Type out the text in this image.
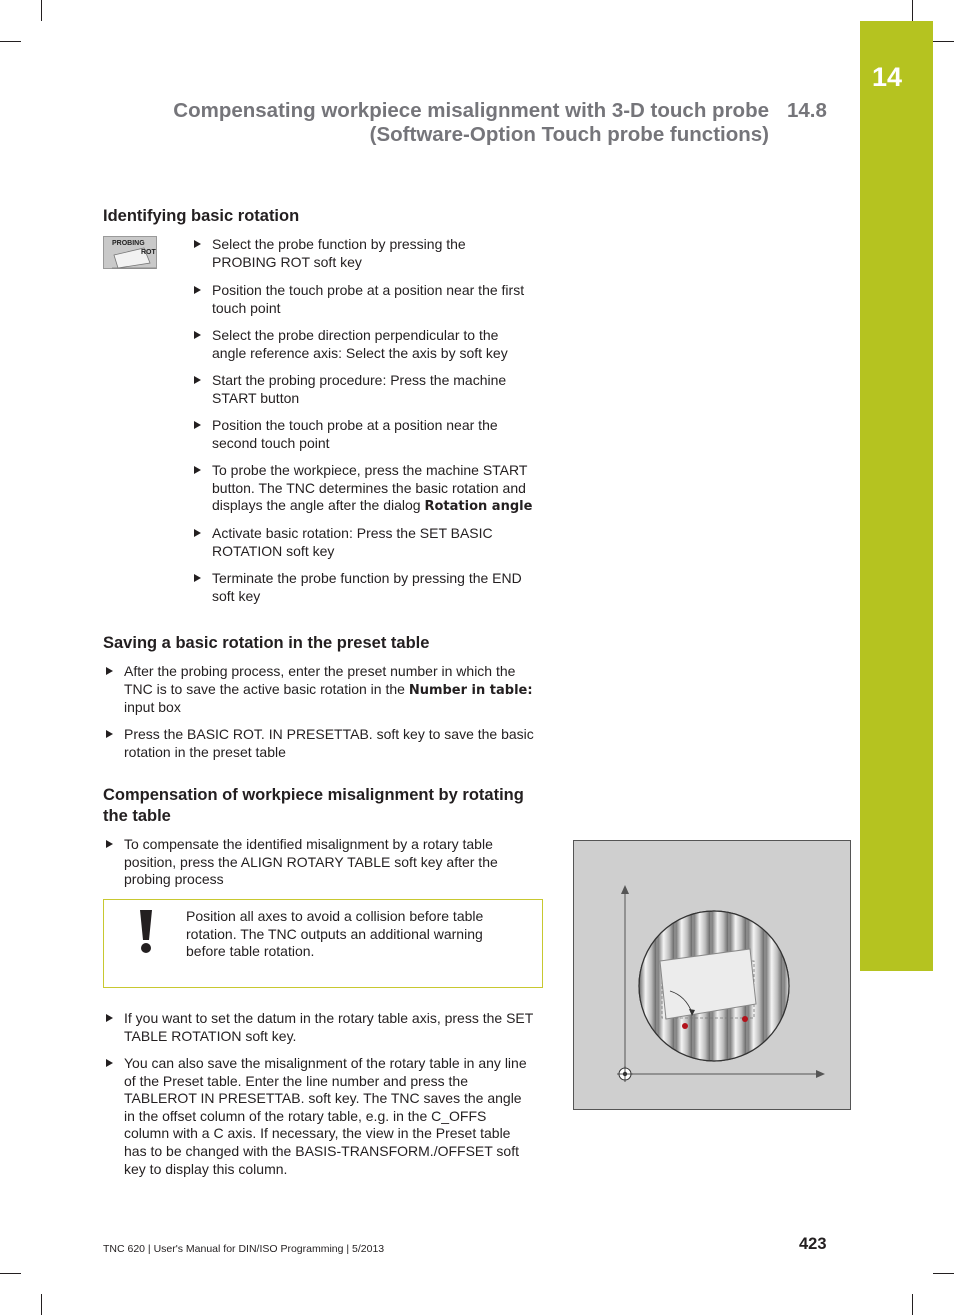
14
Compensating workpiece misalignment with 3-D touch probe
(Software-Option Touch probe functions)
14.8
Identifying basic rotation
PROBING
ROT
Select the probe function by pressing the PROBING ROT soft key
Position the touch probe at a position near the first touch point
Select the probe direction perpendicular to the angle reference axis: Select the axis by soft key
Start the probing procedure: Press the machine START button
Position the touch probe at a position near the second touch point
To probe the workpiece, press the machine START button. The TNC determines the basic rotation and displays the angle after the dialog Rotation angle
Activate basic rotation: Press the SET BASIC ROTATION soft key
Terminate the probe function by pressing the END soft key
Saving a basic rotation in the preset table
After the probing process, enter the preset number in which the TNC is to save the active basic rotation in the Number in table: input box
Press the BASIC ROT. IN PRESETTAB. soft key to save the basic rotation in the preset table
Compensation of workpiece misalignment by rotating
the table
To compensate the identified misalignment by a rotary table position, press the ALIGN ROTARY TABLE soft key after the probing process
Position all axes to avoid a collision before table rotation. The TNC outputs an additional warning before table rotation.
If you want to set the datum in the rotary table axis, press the SET TABLE ROTATION soft key.
You can also save the misalignment of the rotary table in any line of the Preset table. Enter the line number and press the TABLEROT IN PRESETTAB. soft key. The TNC saves the angle in the offset column of the rotary table, e.g. in the C_OFFS column with a C axis. If necessary, the view in the Preset table has to be changed with the BASIS-TRANSFORM./OFFSET soft key to display this column.
TNC 620 | User's Manual for DIN/ISO Programming | 5/2013	423
